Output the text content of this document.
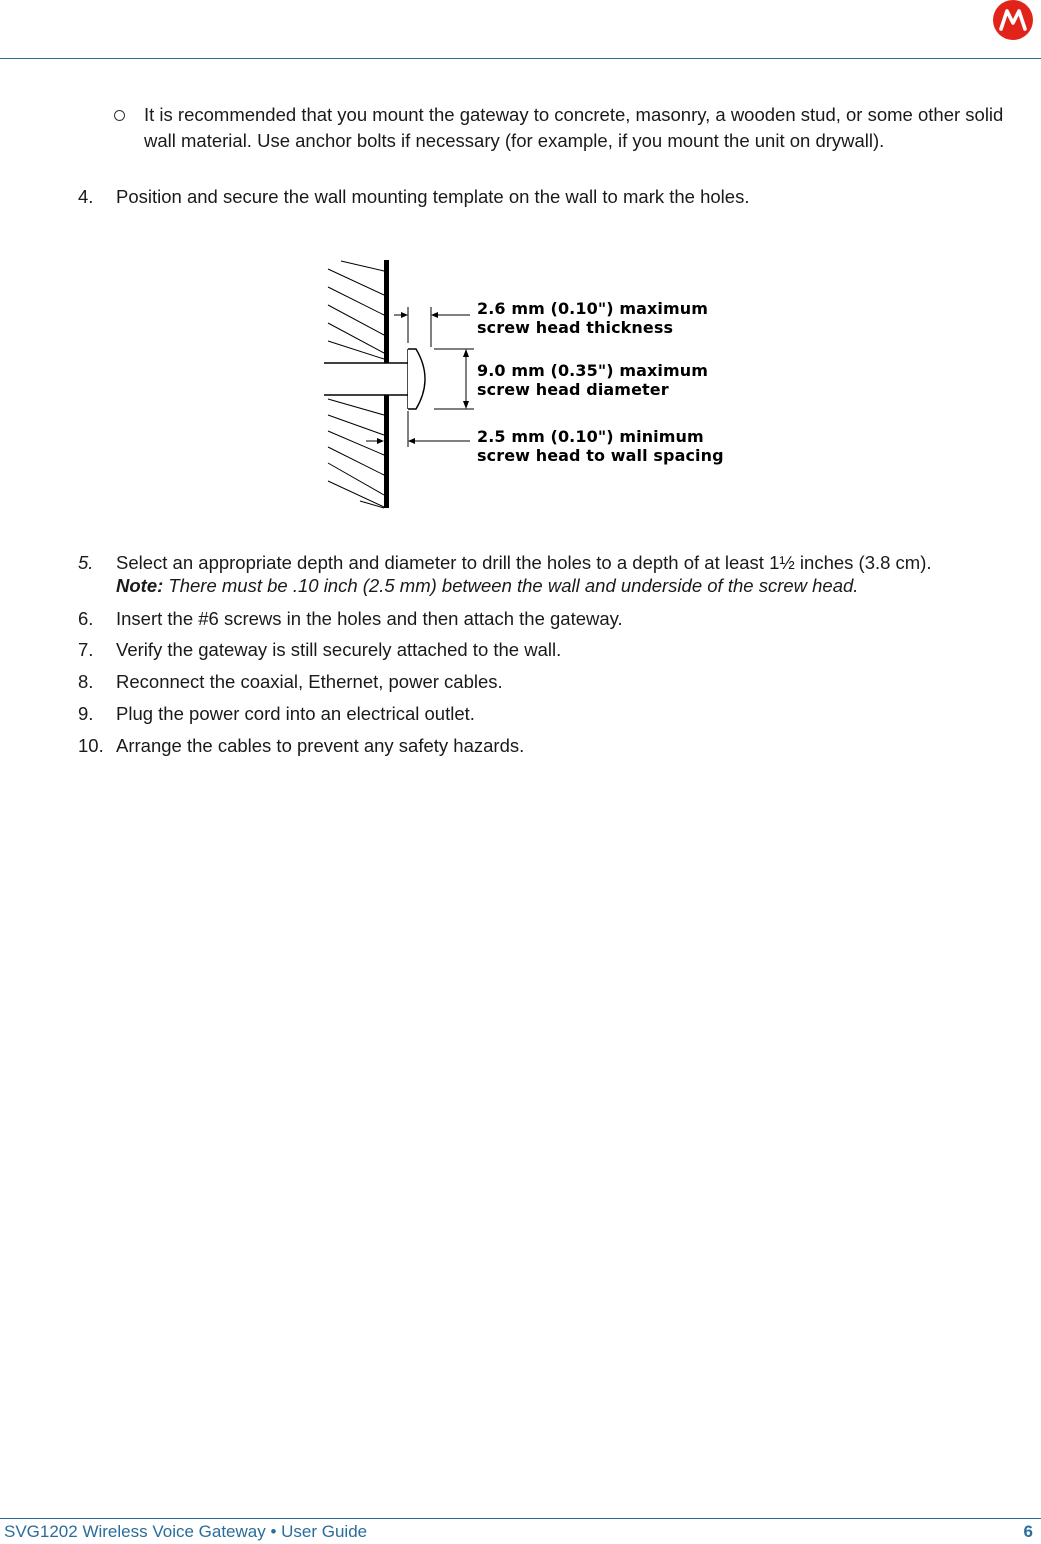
It is recommended that you mount the gateway to concrete, masonry, a wooden stud, or some other solid wall material. Use anchor bolts if necessary (for example, if you mount the unit on drywall).
4. Position and secure the wall mounting template on the wall to mark the holes.
2.6 mm (0.10") maximum
screw head thickness
9.0 mm (0.35") maximum
screw head diameter
2.5 mm (0.10") minimum
screw head to wall spacing
5. Select an appropriate depth and diameter to drill the holes to a depth of at least 1½ inches (3.8 cm).
Note: There must be .10 inch (2.5 mm) between the wall and underside of the screw head.
6. Insert the #6 screws in the holes and then attach the gateway.
7. Verify the gateway is still securely attached to the wall.
8. Reconnect the coaxial, Ethernet, power cables.
9. Plug the power cord into an electrical outlet.
10. Arrange the cables to prevent any safety hazards.
SVG1202 Wireless Voice Gateway • User Guide	6
